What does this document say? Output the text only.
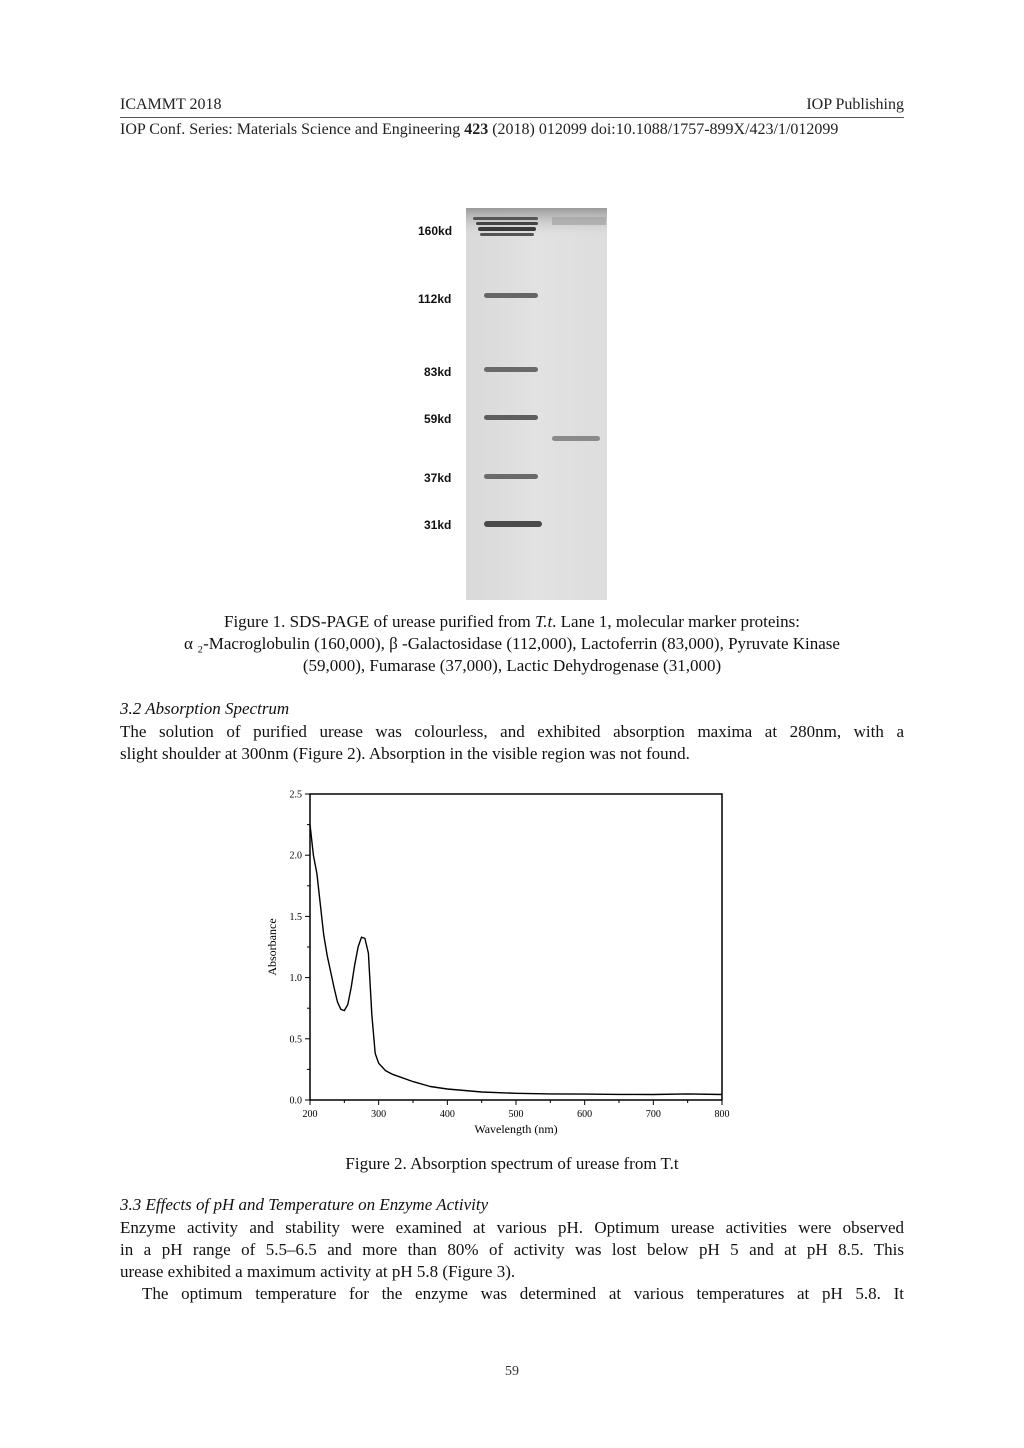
ICAMMT 2018	IOP Publishing
IOP Conf. Series: Materials Science and Engineering 423 (2018) 012099 doi:10.1088/1757-899X/423/1/012099
160kd
112kd
83kd
59kd
37kd
31kd
Figure 1. SDS-PAGE of urease purified from T.t. Lane 1, molecular marker proteins:
α ₂-Macroglobulin (160,000), β -Galactosidase (112,000), Lactoferrin (83,000), Pyruvate Kinase
(59,000), Fumarase (37,000), Lactic Dehydrogenase (31,000)
3.2 Absorption Spectrum
The solution of purified urease was colourless, and exhibited absorption maxima at 280nm, with a
slight shoulder at 300nm (Figure 2). Absorption in the visible region was not found.
200	300	400	500	600	700	800
0.0
0.5
1.0
1.5
2.0
2.5
Wavelength (nm)
Absorbance
Figure 2. Absorption spectrum of urease from T.t
3.3 Effects of pH and Temperature on Enzyme Activity
Enzyme activity and stability were examined at various pH. Optimum urease activities were observed
in a pH range of 5.5–6.5 and more than 80% of activity was lost below pH 5 and at pH 8.5. This
urease exhibited a maximum activity at pH 5.8 (Figure 3).
The optimum temperature for the enzyme was determined at various temperatures at pH 5.8. It
59
